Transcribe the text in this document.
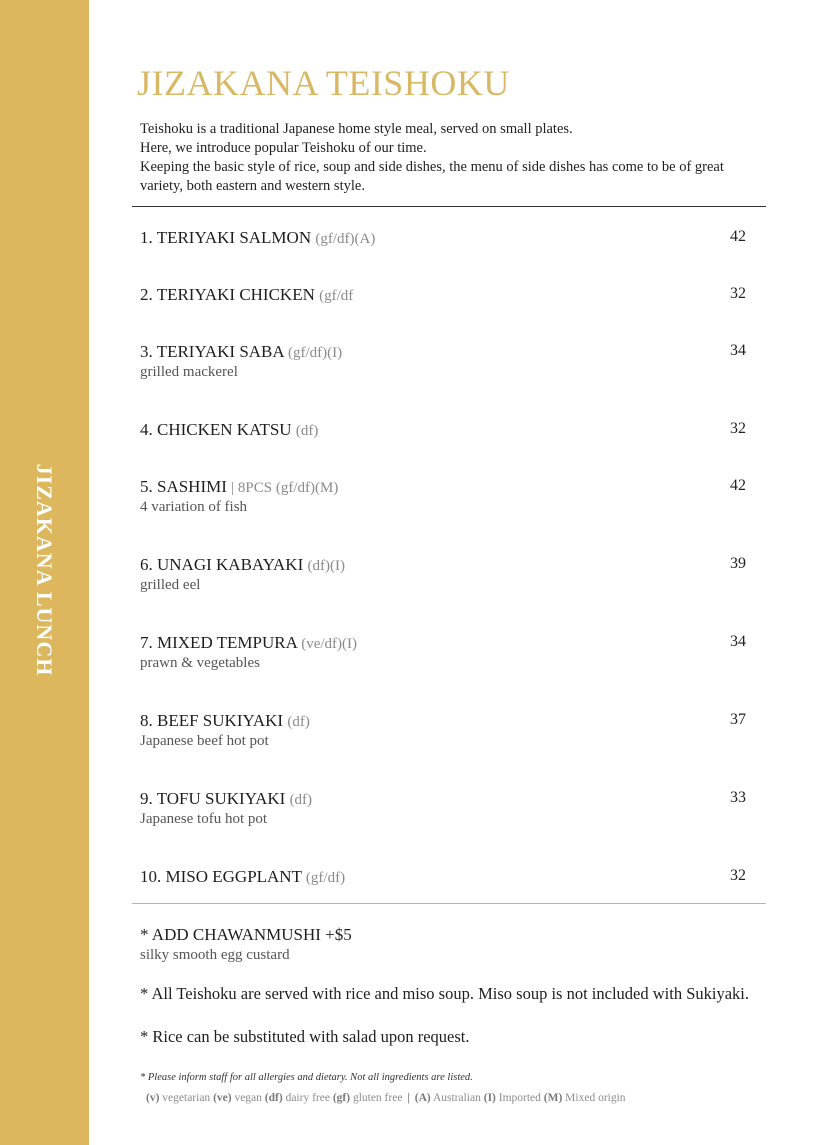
JIZAKANA LUNCH
JIZAKANA TEISHOKU
Teishoku is a traditional Japanese home style meal, served on small plates.
Here, we introduce popular Teishoku of our time.
Keeping the basic style of rice, soup and side dishes, the menu of side dishes has come to be of great variety, both eastern and western style.
1. TERIYAKI SALMON (gf/df)(A)	42
2. TERIYAKI CHICKEN (gf/df	32
3. TERIYAKI SABA (gf/df)(I)	34
grilled mackerel
4. CHICKEN KATSU (df)	32
5. SASHIMI | 8PCS (gf/df)(M)	42
4 variation of fish
6. UNAGI KABAYAKI (df)(I)	39
grilled eel
7. MIXED TEMPURA (ve/df)(I)	34
prawn & vegetables
8. BEEF SUKIYAKI (df)	37
Japanese beef hot pot
9. TOFU SUKIYAKI (df)	33
Japanese tofu hot pot
10. MISO EGGPLANT (gf/df)	32
* ADD CHAWANMUSHI +$5
silky smooth egg custard
* All Teishoku are served with rice and miso soup. Miso soup is not included with Sukiyaki.
* Rice can be substituted with salad upon request.
* Please inform staff for all allergies and dietary. Not all ingredients are listed.
(v) vegetarian (ve) vegan (df) dairy free (gf) gluten free | (A) Australian (I) Imported (M) Mixed origin
